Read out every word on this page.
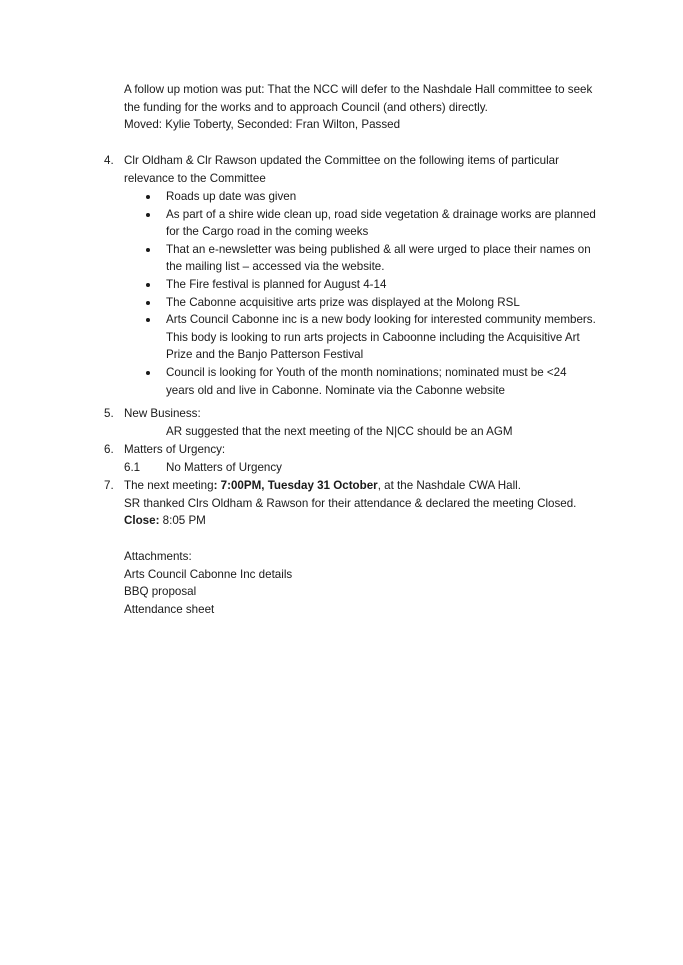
A follow up motion was put: That the NCC will defer to the Nashdale Hall committee to seek
the funding for the works and to approach Council (and others) directly.
Moved: Kylie Toberty, Seconded: Fran Wilton, Passed
4. Clr Oldham & Clr Rawson updated the Committee on the following items of particular
relevance to the Committee
Roads up date was given
As part of a shire wide clean up, road side vegetation & drainage works are planned
for the Cargo road in the coming weeks
That an e-newsletter was being published & all were urged to place their names on
the mailing list – accessed via the website.
The Fire festival is planned for August 4-14
The Cabonne acquisitive arts prize was displayed at the Molong RSL
Arts Council Cabonne inc is a new body looking for interested community members.
This body is looking to run arts projects in Caboonne including the Acquisitive Art
Prize and the Banjo Patterson Festival
Council is looking for Youth of the month nominations; nominated must be <24
years old and live in Cabonne. Nominate via the Cabonne website
5. New Business:
AR suggested that the next meeting of the N|CC should be an AGM
6. Matters of Urgency:
6.1 No Matters of Urgency
7. The next meeting: 7:00PM, Tuesday 31 October, at the Nashdale CWA Hall.
SR thanked Clrs Oldham & Rawson for their attendance & declared the meeting Closed.
Close: 8:05 PM
Attachments:
Arts Council Cabonne Inc details
BBQ proposal
Attendance sheet
